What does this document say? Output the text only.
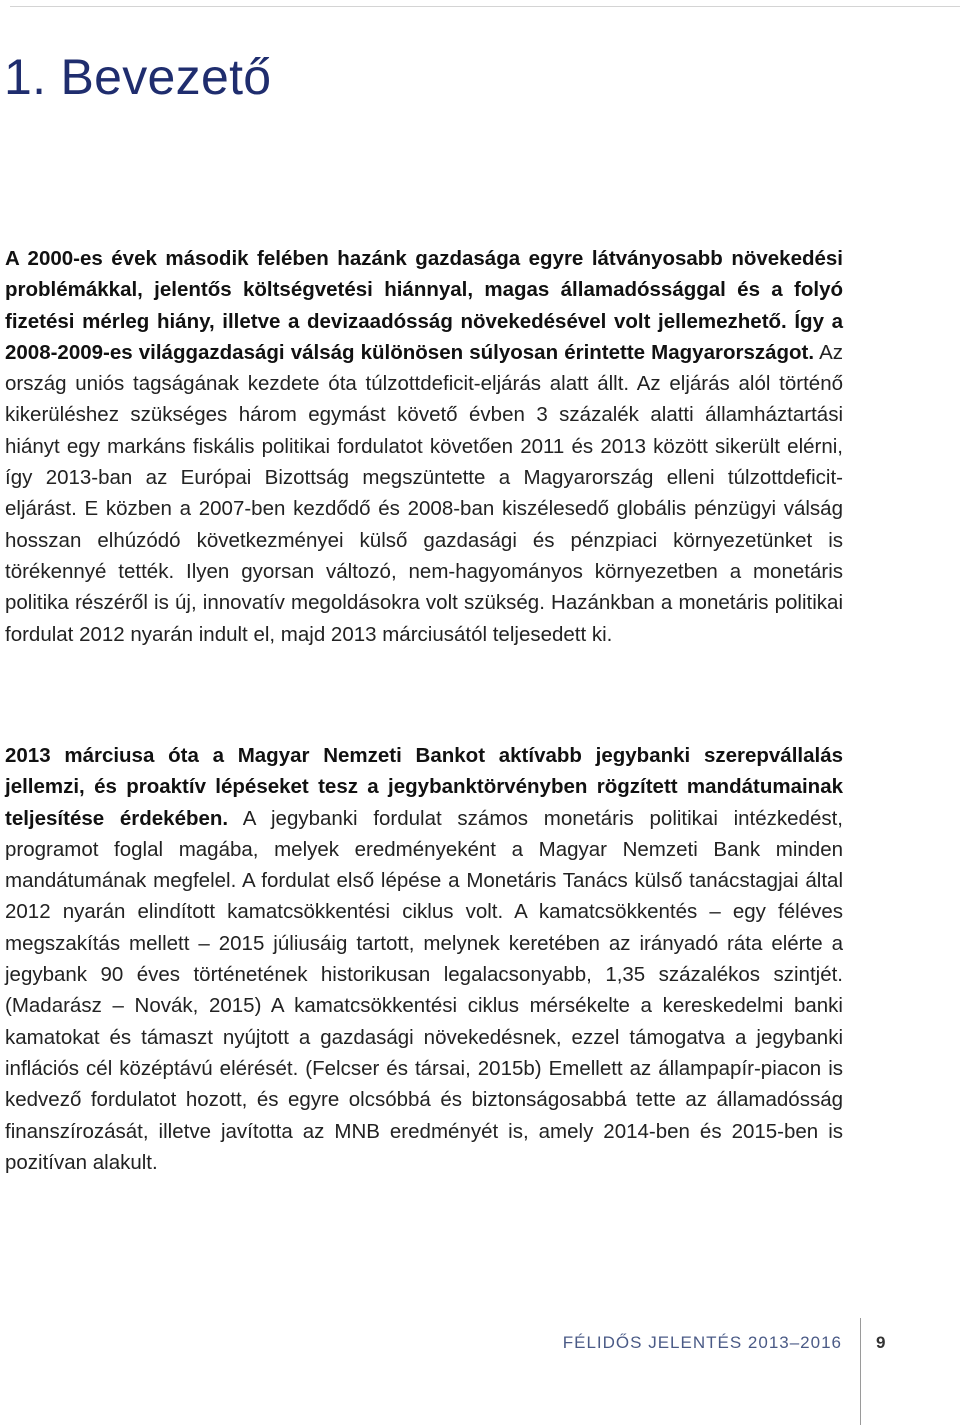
1. Bevezető

A 2000-es évek második felében hazánk gazdasága egyre látványosabb növekedési problémákkal, jelentős költségvetési hiánnyal, magas államadóssággal és a folyó fizetési mérleg hiány, illetve a devizaadósság növekedésével volt jellemezhető. Így a 2008-2009-es világgazdasági válság különösen súlyosan érintette Magyarországot. Az ország uniós tagságának kezdete óta túlzottdeficit-eljárás alatt állt. Az eljárás alól történő kikerüléshez szükséges három egymást követő évben 3 százalék alatti államháztartási hiányt egy markáns fiskális politikai fordulatot követően 2011 és 2013 között sikerült elérni, így 2013-ban az Európai Bizottság megszüntette a Magyarország elleni túlzottdeficit-eljárást. E közben a 2007-ben kezdődő és 2008-ban kiszélesedő globális pénzügyi válság hosszan elhúzódó következményei külső gazdasági és pénzpiaci környezetünket is törékennyé tették. Ilyen gyorsan változó, nem-hagyományos környezetben a monetáris politika részéről is új, innovatív megoldásokra volt szükség. Hazánkban a monetáris politikai fordulat 2012 nyarán indult el, majd 2013 márciusától teljesedett ki.

2013 márciusa óta a Magyar Nemzeti Bankot aktívabb jegybanki szerepvállalás jellemzi, és proaktív lépéseket tesz a jegybanktörvényben rögzített mandátumainak teljesítése érdekében. A jegybanki fordulat számos monetáris politikai intézkedést, programot foglal magába, melyek eredményeként a Magyar Nemzeti Bank minden mandátumának megfelel. A fordulat első lépése a Monetáris Tanács külső tanácstagjai által 2012 nyarán elindított kamatcsökkentési ciklus volt. A kamatcsökkentés – egy féléves megszakítás mellett – 2015 júliusáig tartott, melynek keretében az irányadó ráta elérte a jegybank 90 éves történetének historikusan legalacsonyabb, 1,35 százalékos szintjét. (Madarász – Novák, 2015) A kamatcsökkentési ciklus mérsékelte a kereskedelmi banki kamatokat és támaszt nyújtott a gazdasági növekedésnek, ezzel támogatva a jegybanki inflációs cél középtávú elérését. (Felcser és társai, 2015b) Emellett az állampapír-piacon is kedvező fordulatot hozott, és egyre olcsóbbá és biztonságosabbá tette az államadósság finanszírozását, illetve javította az MNB eredményét is, amely 2014-ben és 2015-ben is pozitívan alakult.

FÉLIDŐS JELENTÉS 2013–2016 9
